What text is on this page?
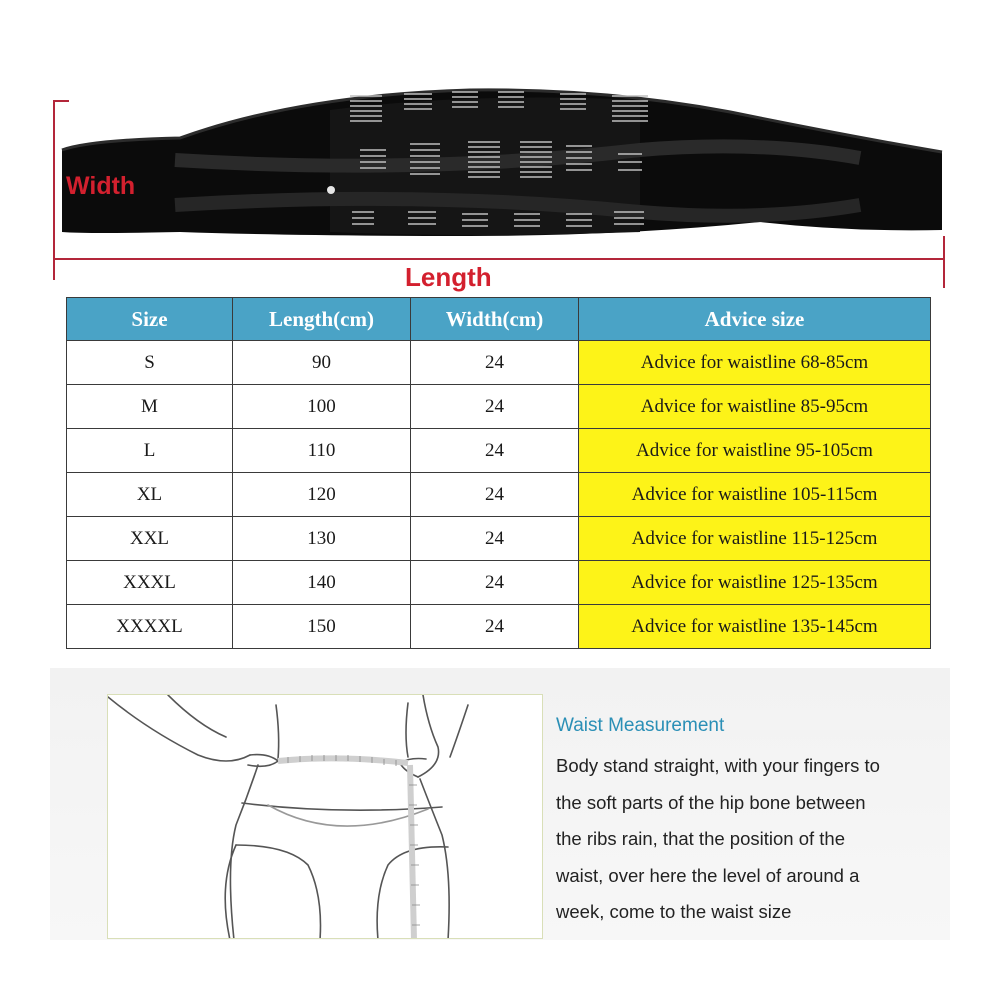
Width
Length
Size	Length(cm)	Width(cm)	Advice size
S	90	24	Advice for waistline 68-85cm
M	100	24	Advice for waistline 85-95cm
L	110	24	Advice for waistline 95-105cm
XL	120	24	Advice for waistline 105-115cm
XXL	130	24	Advice for waistline 115-125cm
XXXL	140	24	Advice for waistline 125-135cm
XXXXL	150	24	Advice for waistline 135-145cm
Waist Measurement

Body stand straight, with your fingers to

the soft parts of the hip bone between

the ribs rain, that the position of the

waist, over here the level of around a

week, come to the waist size
